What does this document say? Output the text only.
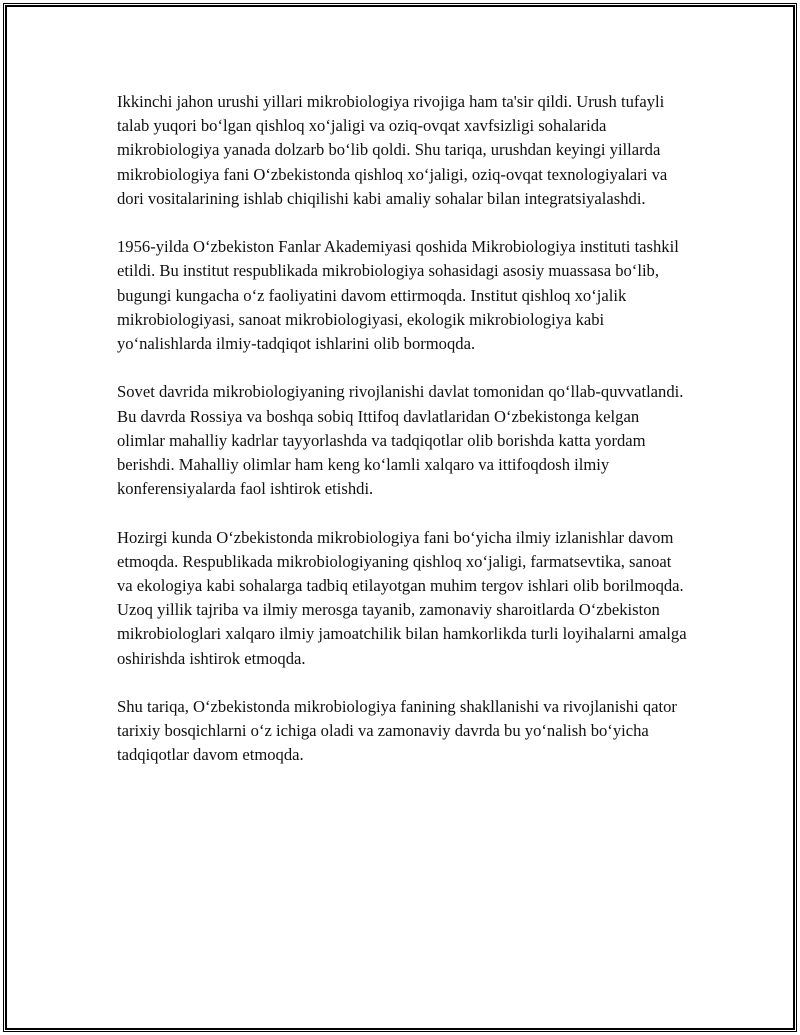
Ikkinchi jahon urushi yillari mikrobiologiya rivojiga ham ta'sir qildi. Urush tufayli talab yuqori bo‘lgan qishloq xo‘jaligi va oziq-ovqat xavfsizligi sohalarida mikrobiologiya yanada dolzarb bo‘lib qoldi. Shu tariqa, urushdan keyingi yillarda mikrobiologiya fani O‘zbekistonda qishloq xo‘jaligi, oziq-ovqat texnologiyalari va dori vositalarining ishlab chiqilishi kabi amaliy sohalar bilan integratsiyalashdi.

1956-yilda O‘zbekiston Fanlar Akademiyasi qoshida Mikrobiologiya instituti tashkil etildi. Bu institut respublikada mikrobiologiya sohasidagi asosiy muassasa bo‘lib, bugungi kungacha o‘z faoliyatini davom ettirmoqda. Institut qishloq xo‘jalik mikrobiologiyasi, sanoat mikrobiologiyasi, ekologik mikrobiologiya kabi yo‘nalishlarda ilmiy-tadqiqot ishlarini olib bormoqda.

Sovet davrida mikrobiologiyaning rivojlanishi davlat tomonidan qo‘llab-quvvatlandi. Bu davrda Rossiya va boshqa sobiq Ittifoq davlatlaridan O‘zbekistonga kelgan olimlar mahalliy kadrlar tayyorlashda va tadqiqotlar olib borishda katta yordam berishdi. Mahalliy olimlar ham keng ko‘lamli xalqaro va ittifoqdosh ilmiy konferensiyalarda faol ishtirok etishdi.

Hozirgi kunda O‘zbekistonda mikrobiologiya fani bo‘yicha ilmiy izlanishlar davom etmoqda. Respublikada mikrobiologiyaning qishloq xo‘jaligi, farmatsevtika, sanoat va ekologiya kabi sohalarga tadbiq etilayotgan muhim tergov ishlari olib borilmoqda. Uzoq yillik tajriba va ilmiy merosga tayanib, zamonaviy sharoitlarda O‘zbekiston mikrobiologlari xalqaro ilmiy jamoatchilik bilan hamkorlikda turli loyihalarni amalga oshirishda ishtirok etmoqda.

Shu tariqa, O‘zbekistonda mikrobiologiya fanining shakllanishi va rivojlanishi qator tarixiy bosqichlarni o‘z ichiga oladi va zamonaviy davrda bu yo‘nalish bo‘yicha tadqiqotlar davom etmoqda.
